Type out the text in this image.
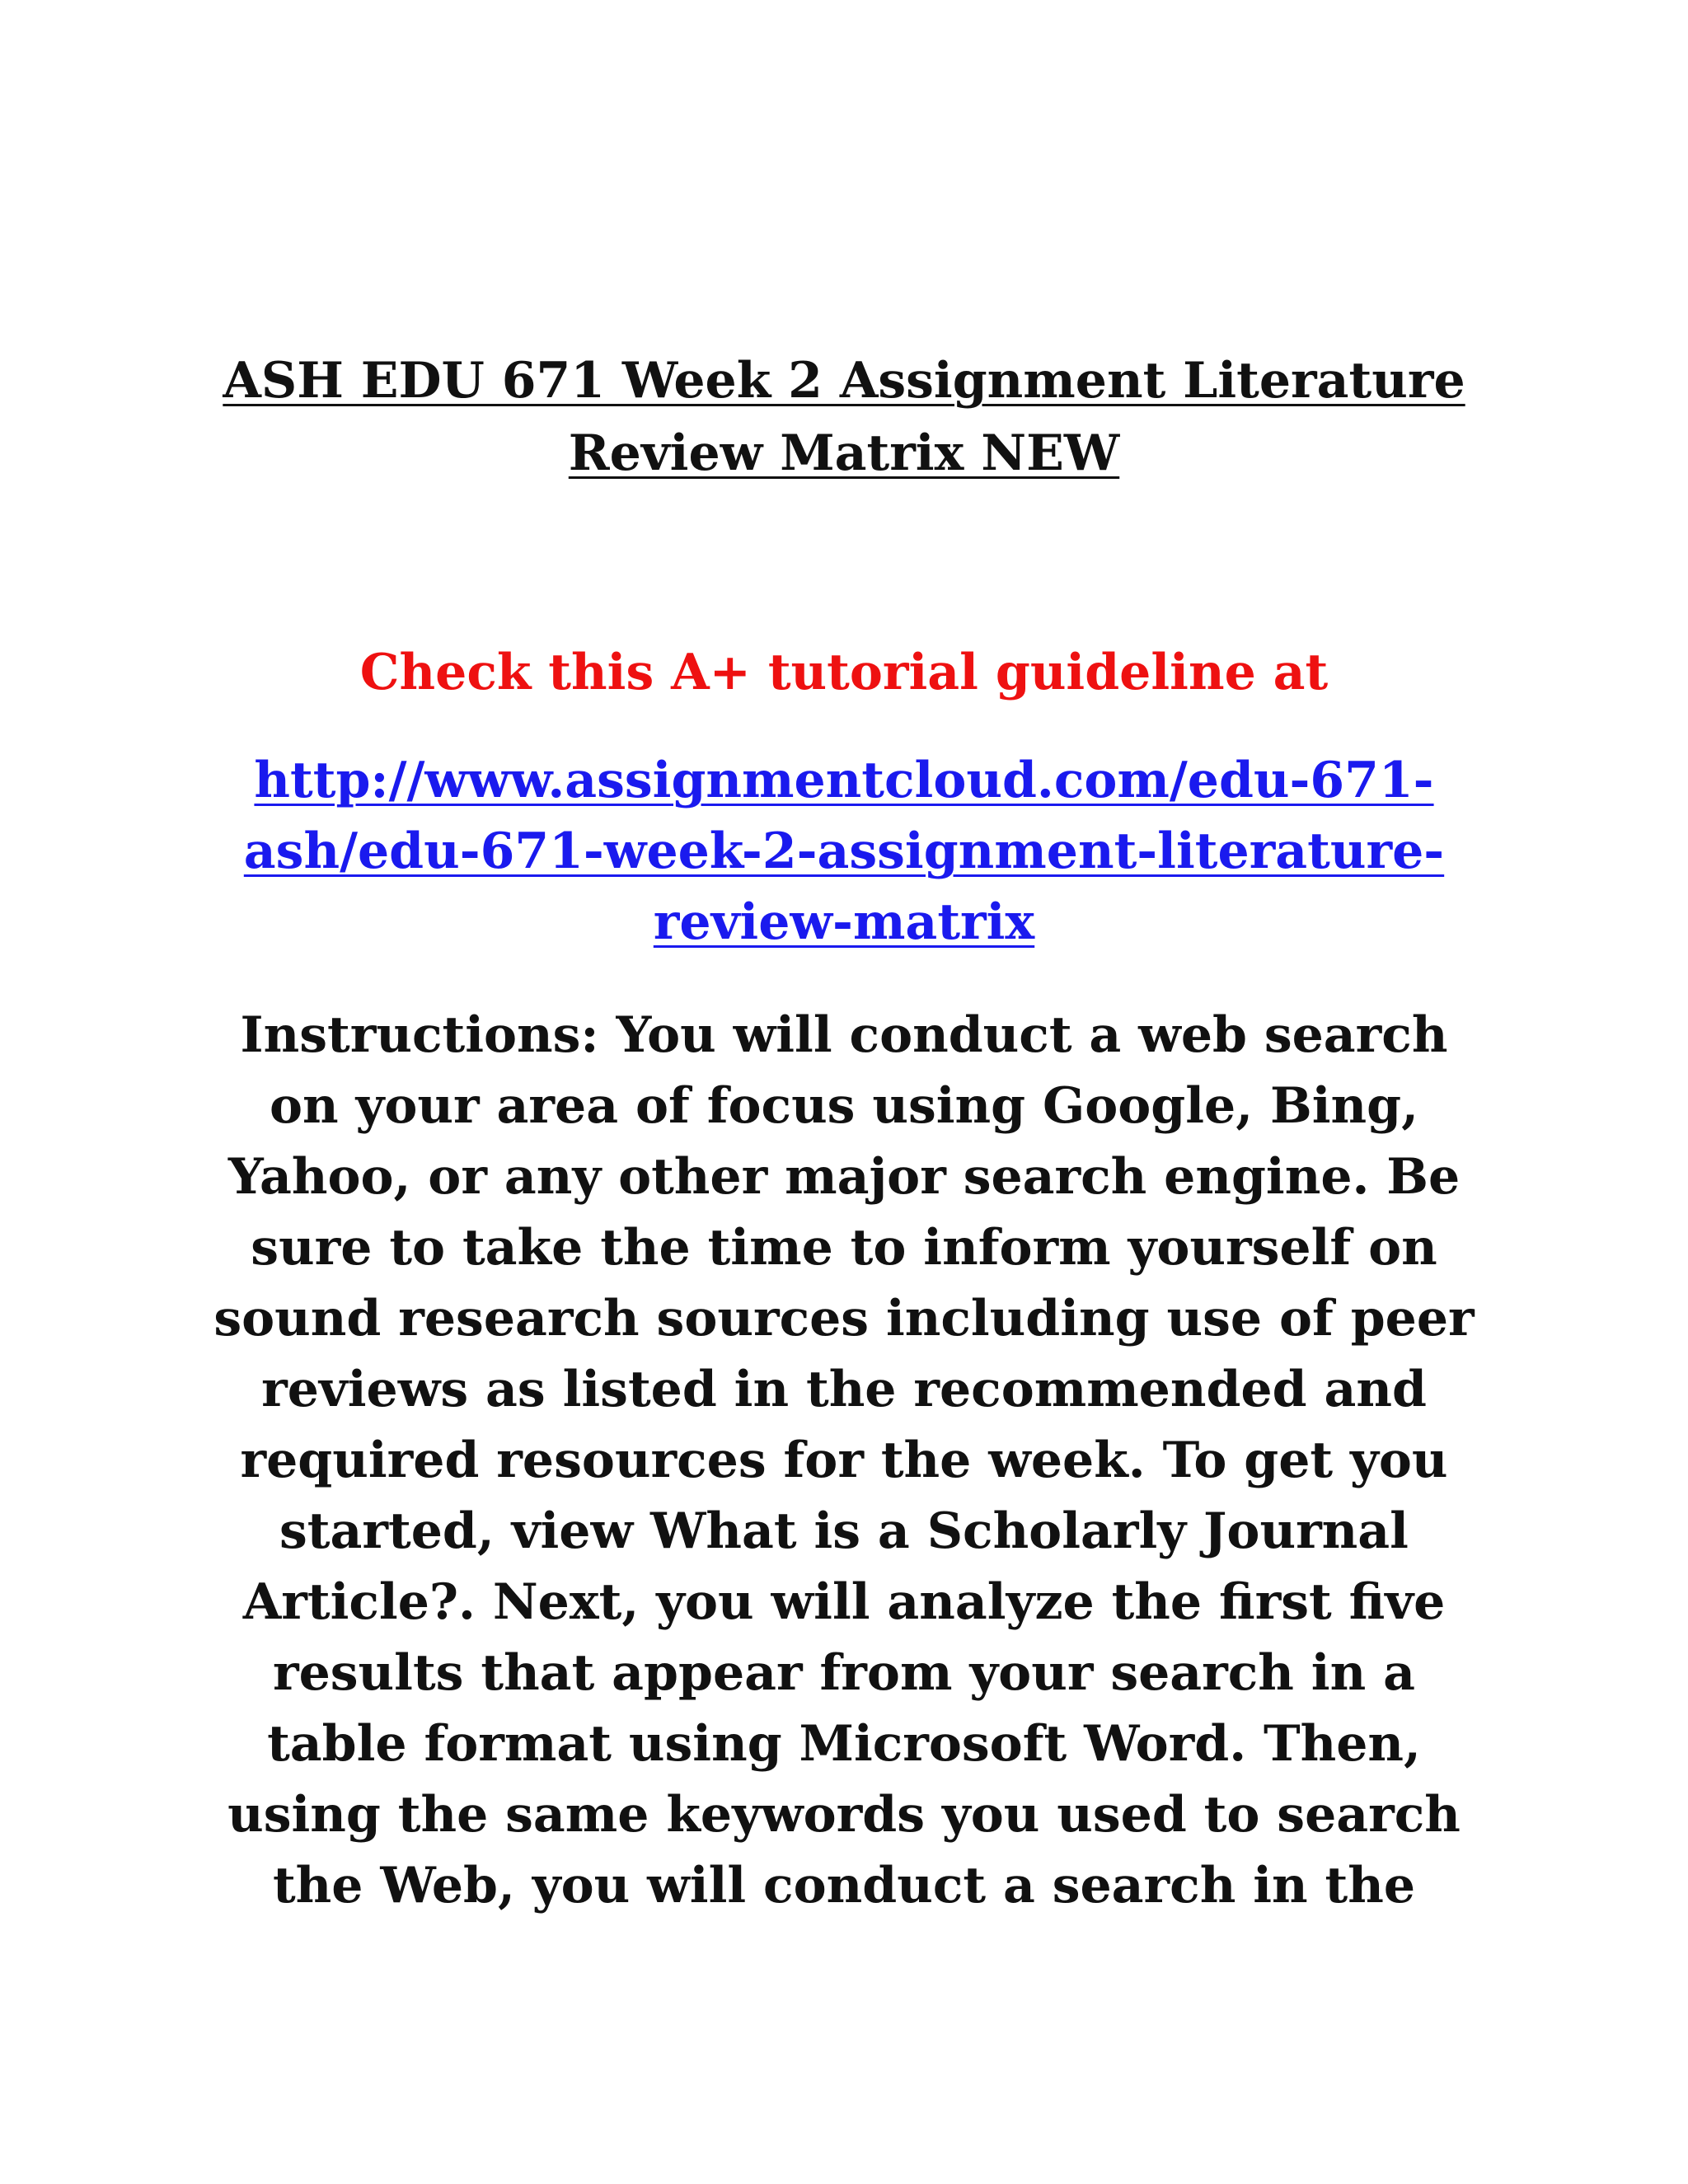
ASH EDU 671 Week 2 Assignment Literature
Review Matrix NEW

Check this A+ tutorial guideline at

http://www.assignmentcloud.com/edu-671-
ash/edu-671-week-2-assignment-literature-
review-matrix
Instructions: You will conduct a web search
on your area of focus using Google, Bing,
Yahoo, or any other major search engine. Be
sure to take the time to inform yourself on
sound research sources including use of peer
reviews as listed in the recommended and
required resources for the week. To get you
started, view What is a Scholarly Journal
Article?. Next, you will analyze the first five
results that appear from your search in a
table format using Microsoft Word. Then,
using the same keywords you used to search
the Web, you will conduct a search in the
